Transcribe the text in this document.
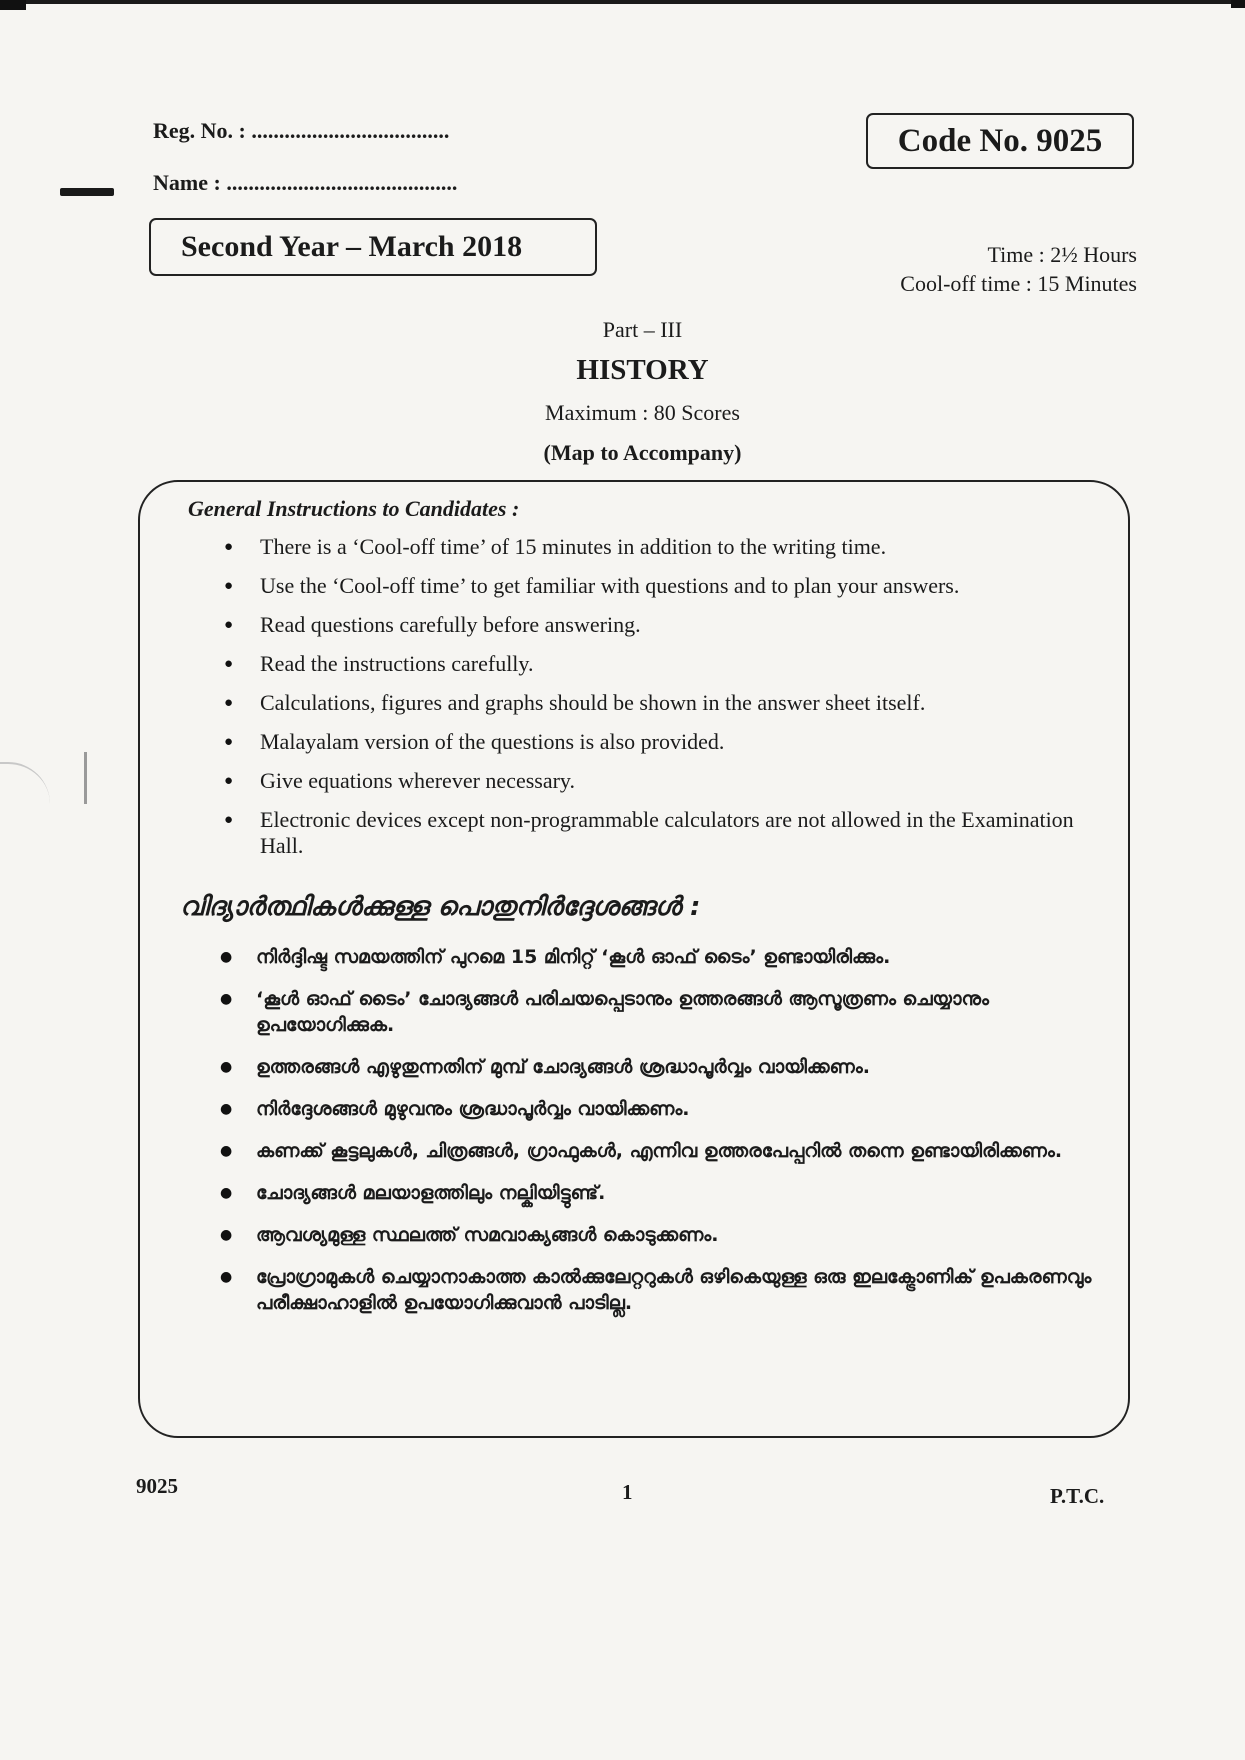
Reg. No. : ....................................
Name : ..........................................
Code No. 9025
Second Year – March 2018	Time : 2½ Hours
Cool-off time : 15 Minutes
Part – III
HISTORY
Maximum : 80 Scores
(Map to Accompany)
General Instructions to Candidates :
● There is a ‘Cool-off time’ of 15 minutes in addition to the writing time.
● Use the ‘Cool-off time’ to get familiar with questions and to plan your answers.
● Read questions carefully before answering.
● Read the instructions carefully.
● Calculations, figures and graphs should be shown in the answer sheet itself.
● Malayalam version of the questions is also provided.
● Give equations wherever necessary.
● Electronic devices except non-programmable calculators are not allowed in the Examination Hall.
വിദ്യാർത്ഥികൾക്കുള്ള പൊതുനിർദ്ദേശങ്ങൾ :
● നിർദ്ദിഷ്ട സമയത്തിന് പുറമെ 15 മിനിറ്റ് ‘കൂൾ ഓഫ് ടൈം’ ഉണ്ടായിരിക്കും.
● ‘കൂൾ ഓഫ് ടൈം’ ചോദ്യങ്ങൾ പരിചയപ്പെടാനും ഉത്തരങ്ങൾ ആസൂത്രണം ചെയ്യാനും ഉപയോഗിക്കുക.
● ഉത്തരങ്ങൾ എഴുതുന്നതിന് മുമ്പ് ചോദ്യങ്ങൾ ശ്രദ്ധാപൂർവ്വം വായിക്കണം.
● നിർദ്ദേശങ്ങൾ മുഴുവനും ശ്രദ്ധാപൂർവ്വം വായിക്കണം.
● കണക്ക് കൂട്ടലുകൾ, ചിത്രങ്ങൾ, ഗ്രാഫുകൾ, എന്നിവ ഉത്തരപേപ്പറിൽ തന്നെ ഉണ്ടായിരിക്കണം.
● ചോദ്യങ്ങൾ മലയാളത്തിലും നല്കിയിട്ടുണ്ട്.
● ആവശ്യമുള്ള സ്ഥലത്ത് സമവാക്യങ്ങൾ കൊടുക്കണം.
● പ്രോഗ്രാമുകൾ ചെയ്യാനാകാത്ത കാൽക്കുലേറ്ററുകൾ ഒഴികെയുള്ള ഒരു ഇലക്ട്രോണിക് ഉപകരണവും പരീക്ഷാഹാളിൽ ഉപയോഗിക്കുവാൻ പാടില്ല.
9025	1	P.T.C.
